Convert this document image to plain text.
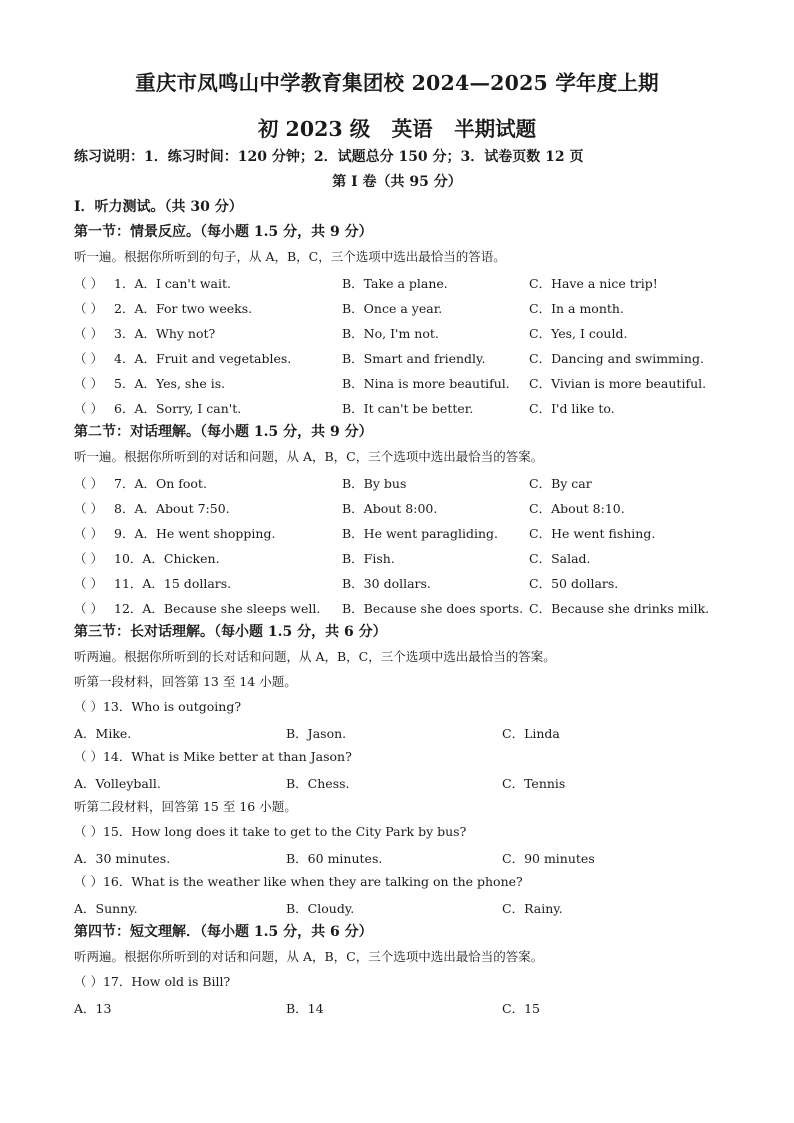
重庆市凤鸣山中学教育集团校 2024—2025 学年度上期
初 2023 级   英语   半期试题
练习说明：1．练习时间：120 分钟；2．试题总分 150 分；3．试卷页数 12 页
第 I 卷（共 95 分）
I．听力测试。（共 30 分）
第一节：情景反应。（每小题 1.5 分，共 9 分）
听一遍。根据你所听到的句子，从 A，B，C，三个选项中选出最恰当的答语。
（ ） 1．A．I can't wait.	B．Take a plane.	C．Have a nice trip!
（ ） 2．A．For two weeks.	B．Once a year.	C．In a month.
（ ） 3．A．Why not?	B．No, I'm not.	C．Yes, I could.
（ ） 4．A．Fruit and vegetables.	B．Smart and friendly.	C．Dancing and swimming.
（ ） 5．A．Yes, she is.	B．Nina is more beautiful. C．Vivian is more beautiful.
（ ） 6．A．Sorry, I can't.	B．It can't be better.	C．I'd like to.
第二节：对话理解。（每小题 1.5 分，共 9 分）
听一遍。根据你所听到的对话和问题，从 A，B，C，三个选项中选出最恰当的答案。
（ ） 7．A．On foot.	B．By bus	C．By car
（ ） 8．A．About 7:50.	B．About 8:00.	C．About 8:10.
（ ） 9．A．He went shopping.	B．He went paragliding. C．He went fishing.
（ ） 10．A．Chicken.	B．Fish.	C．Salad.
（ ） 11．A．15 dollars.	B．30 dollars.	C．50 dollars.
（ ） 12．A．Because she sleeps well. B．Because she does sports. C．Because she drinks milk.
第三节：长对话理解。（每小题 1.5 分，共 6 分）
听两遍。根据你所听到的长对话和问题，从 A，B，C，三个选项中选出最恰当的答案。
听第一段材料，回答第 13 至 14 小题。
（ ）13．Who is outgoing?
A．Mike.	B．Jason.	C．Linda
（ ）14．What is Mike better at than Jason?
A．Volleyball.	B．Chess.	C．Tennis
听第二段材料，回答第 15 至 16 小题。
（ ）15．How long does it take to get to the City Park by bus?
A．30 minutes.	B．60 minutes.	C．90 minutes
（ ）16．What is the weather like when they are talking on the phone?
A．Sunny.	B．Cloudy.	C．Rainy.
第四节：短文理解．（每小题 1.5 分，共 6 分）
听两遍。根据你所听到的对话和问题，从 A，B，C，三个选项中选出最恰当的答案。
（ ）17．How old is Bill?
A．13	B．14	C．15
